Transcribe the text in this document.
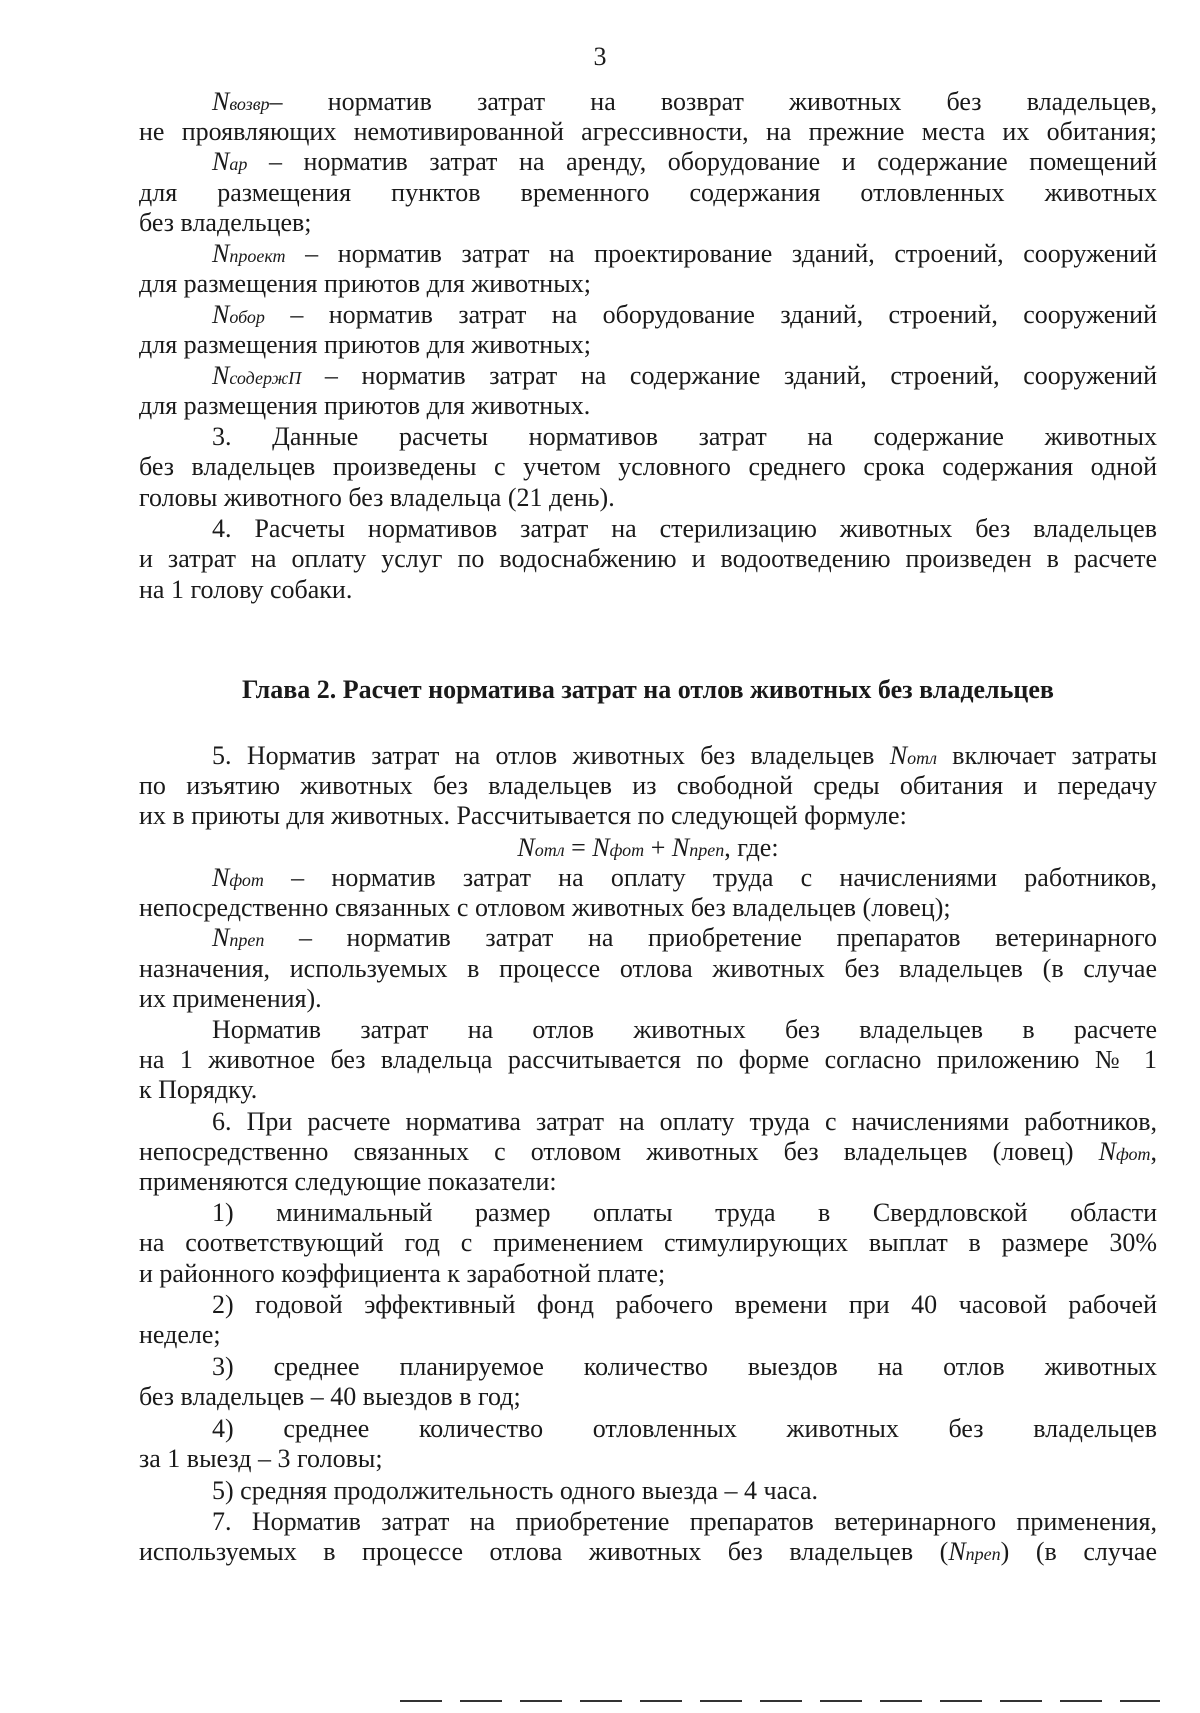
3
Nвозвр– норматив затрат на возврат животных без владельцев,
не проявляющих немотивированной агрессивности, на прежние места их обитания;
Nар – норматив затрат на аренду, оборудование и содержание помещений
для размещения пунктов временного содержания отловленных животных
без владельцев;
Nпроект – норматив затрат на проектирование зданий, строений, сооружений
для размещения приютов для животных;
Nобор – норматив затрат на оборудование зданий, строений, сооружений
для размещения приютов для животных;
NсодержП – норматив затрат на содержание зданий, строений, сооружений
для размещения приютов для животных.
3. Данные расчеты нормативов затрат на содержание животных
без владельцев произведены с учетом условного среднего срока содержания одной
головы животного без владельца (21 день).
4. Расчеты нормативов затрат на стерилизацию животных без владельцев
и затрат на оплату услуг по водоснабжению и водоотведению произведен в расчете
на 1 голову собаки.
Глава 2. Расчет норматива затрат на отлов животных без владельцев
5. Норматив затрат на отлов животных без владельцев Nотл включает затраты
по изъятию животных без владельцев из свободной среды обитания и передачу
их в приюты для животных. Рассчитывается по следующей формуле:
Nотл = Nфот + Nпреп, где:
Nфот – норматив затрат на оплату труда с начислениями работников,
непосредственно связанных с отловом животных без владельцев (ловец);
Nпреп – норматив затрат на приобретение препаратов ветеринарного
назначения, используемых в процессе отлова животных без владельцев (в случае
их применения).
Норматив затрат на отлов животных без владельцев в расчете
на 1 животное без владельца рассчитывается по форме согласно приложению № 1
к Порядку.
6. При расчете норматива затрат на оплату труда с начислениями работников,
непосредственно связанных с отловом животных без владельцев (ловец) Nфот,
применяются следующие показатели:
1) минимальный размер оплаты труда в Свердловской области
на соответствующий год с применением стимулирующих выплат в размере 30%
и районного коэффициента к заработной плате;
2) годовой эффективный фонд рабочего времени при 40 часовой рабочей
неделе;
3) среднее планируемое количество выездов на отлов животных
без владельцев – 40 выездов в год;
4) среднее количество отловленных животных без владельцев
за 1 выезд – 3 головы;
5) средняя продолжительность одного выезда – 4 часа.
7. Норматив затрат на приобретение препаратов ветеринарного применения,
используемых в процессе отлова животных без владельцев (Nпреп) (в случае
